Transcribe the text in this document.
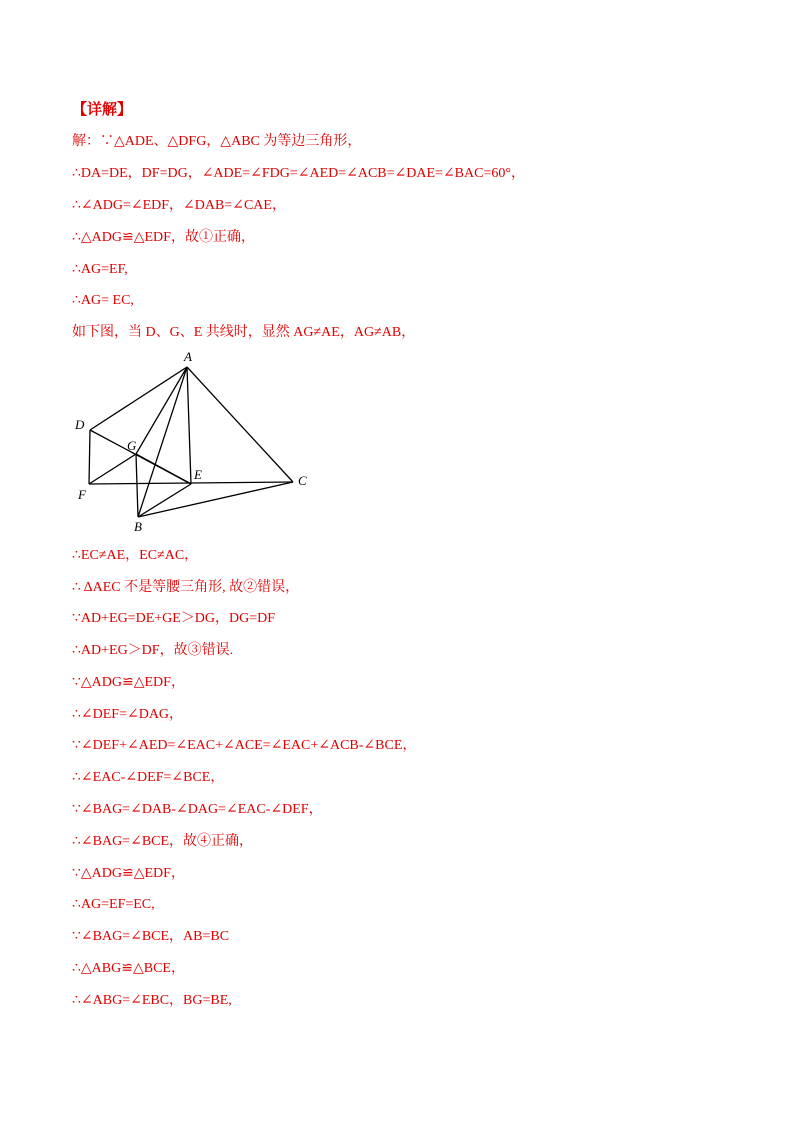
【详解】
解：∵△ADE、△DFG，△ABC 为等边三角形，
∴DA=DE，DF=DG，∠ADE=∠FDG=∠AED=∠ACB=∠DAE=∠BAC=60°，
∴∠ADG=∠EDF，∠DAB=∠CAE，
∴△ADG≌△EDF，故①正确，
∴AG=EF,
∴AG= EC,
如下图，当 D、G、E 共线时，显然 AG≠AE，AG≠AB，
A
D
G
E	C
F
B
∴EC≠AE，EC≠AC，
∴ ΔAEC 不是等腰三角形, 故②错误，
∵AD+EG=DE+GE＞DG，DG=DF
∴AD+EG＞DF，故③错误.
∵△ADG≌△EDF，
∴∠DEF=∠DAG，
∵∠DEF+∠AED=∠EAC+∠ACE=∠EAC+∠ACB-∠BCE，
∴∠EAC-∠DEF=∠BCE，
∵∠BAG=∠DAB-∠DAG=∠EAC-∠DEF，
∴∠BAG=∠BCE，故④正确，
∵△ADG≌△EDF，
∴AG=EF=EC,
∵∠BAG=∠BCE，AB=BC
∴△ABG≌△BCE，
∴∠ABG=∠EBC，BG=BE,
